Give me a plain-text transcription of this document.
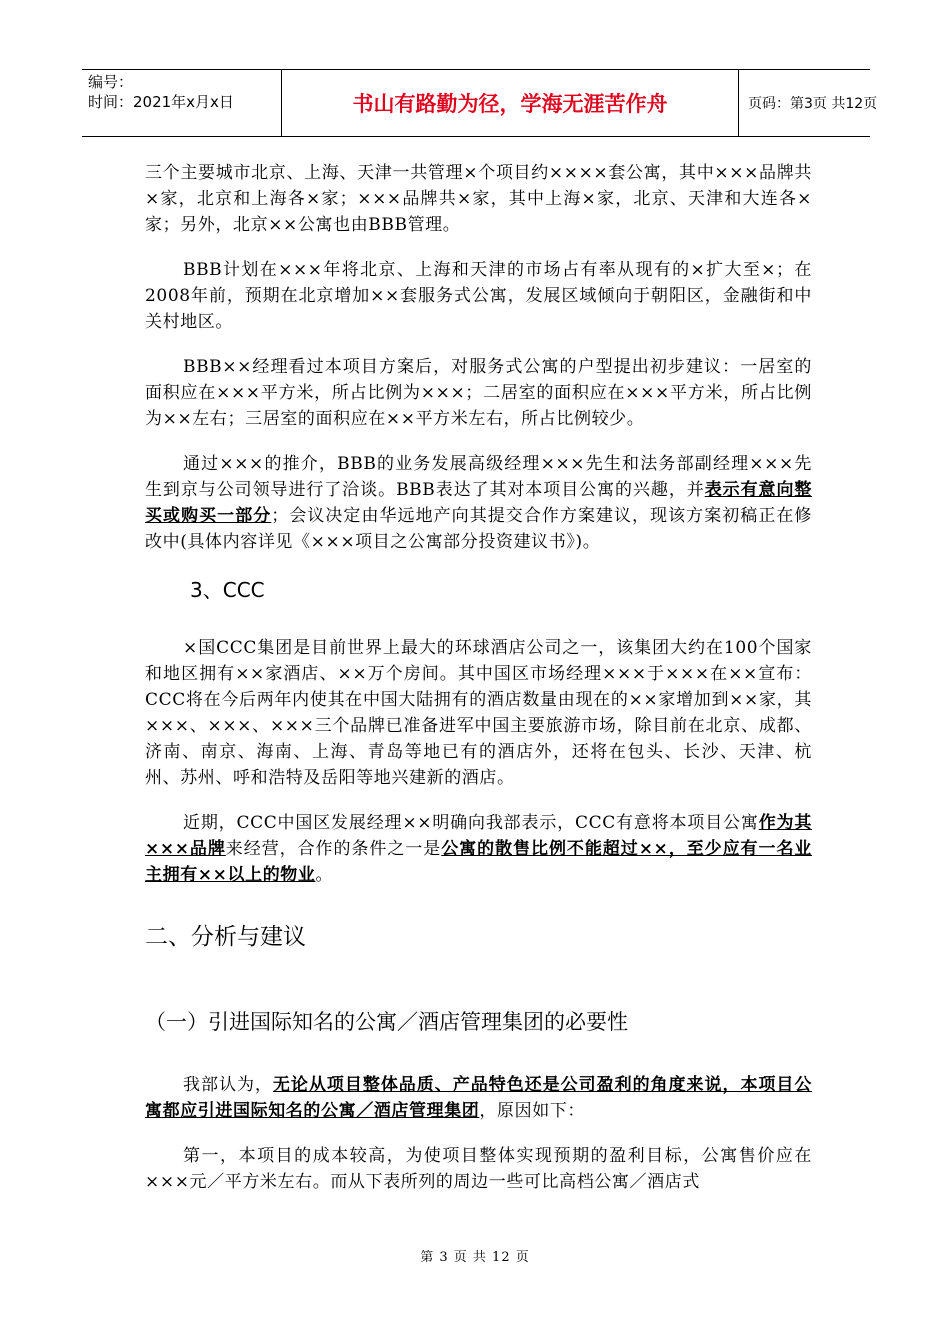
编号：
时间：2021年x月x日	书山有路勤为径，学海无涯苦作舟	页码：第3页 共12页

三个主要城市北京、上海、天津一共管理×个项目约××××套公寓，其中×××品牌共×家，北京和上海各×家；×××品牌共×家，其中上海×家，北京、天津和大连各×家；另外，北京××公寓也由BBB管理。

BBB计划在×××年将北京、上海和天津的市场占有率从现有的×扩大至×；在2008年前，预期在北京增加××套服务式公寓，发展区域倾向于朝阳区，金融街和中关村地区。

BBB××经理看过本项目方案后，对服务式公寓的户型提出初步建议：一居室的面积应在×××平方米，所占比例为×××；二居室的面积应在×××平方米，所占比例为××左右；三居室的面积应在××平方米左右，所占比例较少。

通过×××的推介，BBB的业务发展高级经理×××先生和法务部副经理×××先生到京与公司领导进行了洽谈。BBB表达了其对本项目公寓的兴趣，并表示有意向整买或购买一部分；会议决定由华远地产向其提交合作方案建议，现该方案初稿正在修改中(具体内容详见《×××项目之公寓部分投资建议书》)。

3、CCC

×国CCC集团是目前世界上最大的环球酒店公司之一，该集团大约在100个国家和地区拥有××家酒店、××万个房间。其中国区市场经理×××于×××在××宣布：CCC将在今后两年内使其在中国大陆拥有的酒店数量由现在的××家增加到××家，其×××、×××、×××三个品牌已准备进军中国主要旅游市场，除目前在北京、成都、济南、南京、海南、上海、青岛等地已有的酒店外，还将在包头、长沙、天津、杭州、苏州、呼和浩特及岳阳等地兴建新的酒店。

近期，CCC中国区发展经理××明确向我部表示，CCC有意将本项目公寓作为其×××品牌来经营，合作的条件之一是公寓的散售比例不能超过××，至少应有一名业主拥有××以上的物业。

二、分析与建议
（一）引进国际知名的公寓／酒店管理集团的必要性

我部认为，无论从项目整体品质、产品特色还是公司盈利的角度来说，本项目公寓都应引进国际知名的公寓／酒店管理集团，原因如下：

第一，本项目的成本较高，为使项目整体实现预期的盈利目标，公寓售价应在×××元／平方米左右。而从下表所列的周边一些可比高档公寓／酒店式

第 3 页 共 12 页
